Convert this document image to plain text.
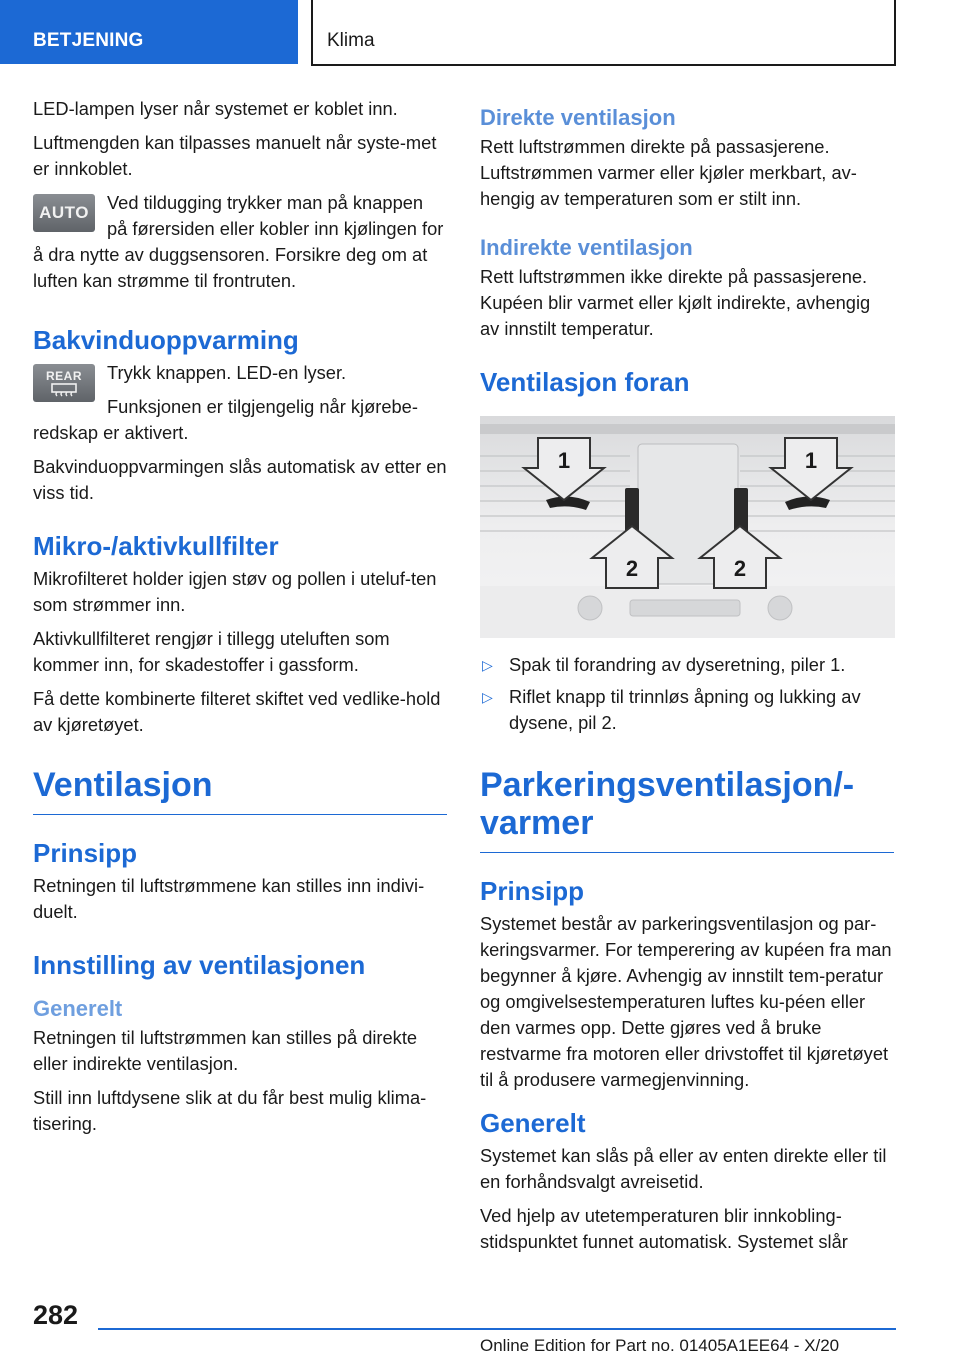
BETJENING	Klima

LED-lampen lyser når systemet er koblet inn.

Luftmengden kan tilpasses manuelt når syste-met er innkoblet.

AUTO Ved tildugging trykker man på knappen på førersiden eller kobler inn kjølingen for å dra nytte av duggsensoren. Forsikre deg om at luften kan strømme til frontruten.

Bakvinduoppvarming
REAR	Trykk knappen. LED-en lyser.

Funksjonen er tilgjengelig når kjørebe-redskap er aktivert.

Bakvinduoppvarmingen slås automatisk av etter en viss tid.

Mikro-/aktivkullfilter

Mikrofilteret holder igjen støv og pollen i uteluf-ten som strømmer inn.

Aktivkullfilteret rengjør i tillegg uteluften som kommer inn, for skadestoffer i gassform.

Få dette kombinerte filteret skiftet ved vedlike-hold av kjøretøyet.

Ventilasjon
Prinsipp

Retningen til luftstrømmene kan stilles inn indivi-duelt.

Innstilling av ventilasjonen
Generelt

Retningen til luftstrømmen kan stilles på direkte eller indirekte ventilasjon.

Still inn luftdysene slik at du får best mulig klima-tisering.

Direkte ventilasjon

Rett luftstrømmen direkte på passasjerene. Luftstrømmen varmer eller kjøler merkbart, av-hengig av temperaturen som er stilt inn.

Indirekte ventilasjon

Rett luftstrømmen ikke direkte på passasjerene. Kupéen blir varmet eller kjølt indirekte, avhengig av innstilt temperatur.

Ventilasjon foran
1	1
2	2
▷ Spak til forandring av dyseretning, piler 1.
▷ Riflet knapp til trinnløs åpning og lukking av dysene, pil 2.
Parkeringsventilasjon/-varmer
Prinsipp

Systemet består av parkeringsventilasjon og par-keringsvarmer. For temperering av kupéen fra man begynner å kjøre. Avhengig av innstilt tem-peratur og omgivelsestemperaturen luftes ku-péen eller den varmes opp. Dette gjøres ved å bruke restvarme fra motoren eller drivstoffet til kjøretøyet til å produsere varmegjenvinning.

Generelt

Systemet kan slås på eller av enten direkte eller til en forhåndsvalgt avreisetid.

Ved hjelp av utetemperaturen blir innkobling-stidspunktet funnet automatisk. Systemet slår

282
Online Edition for Part no. 01405A1EE64 - X/20
